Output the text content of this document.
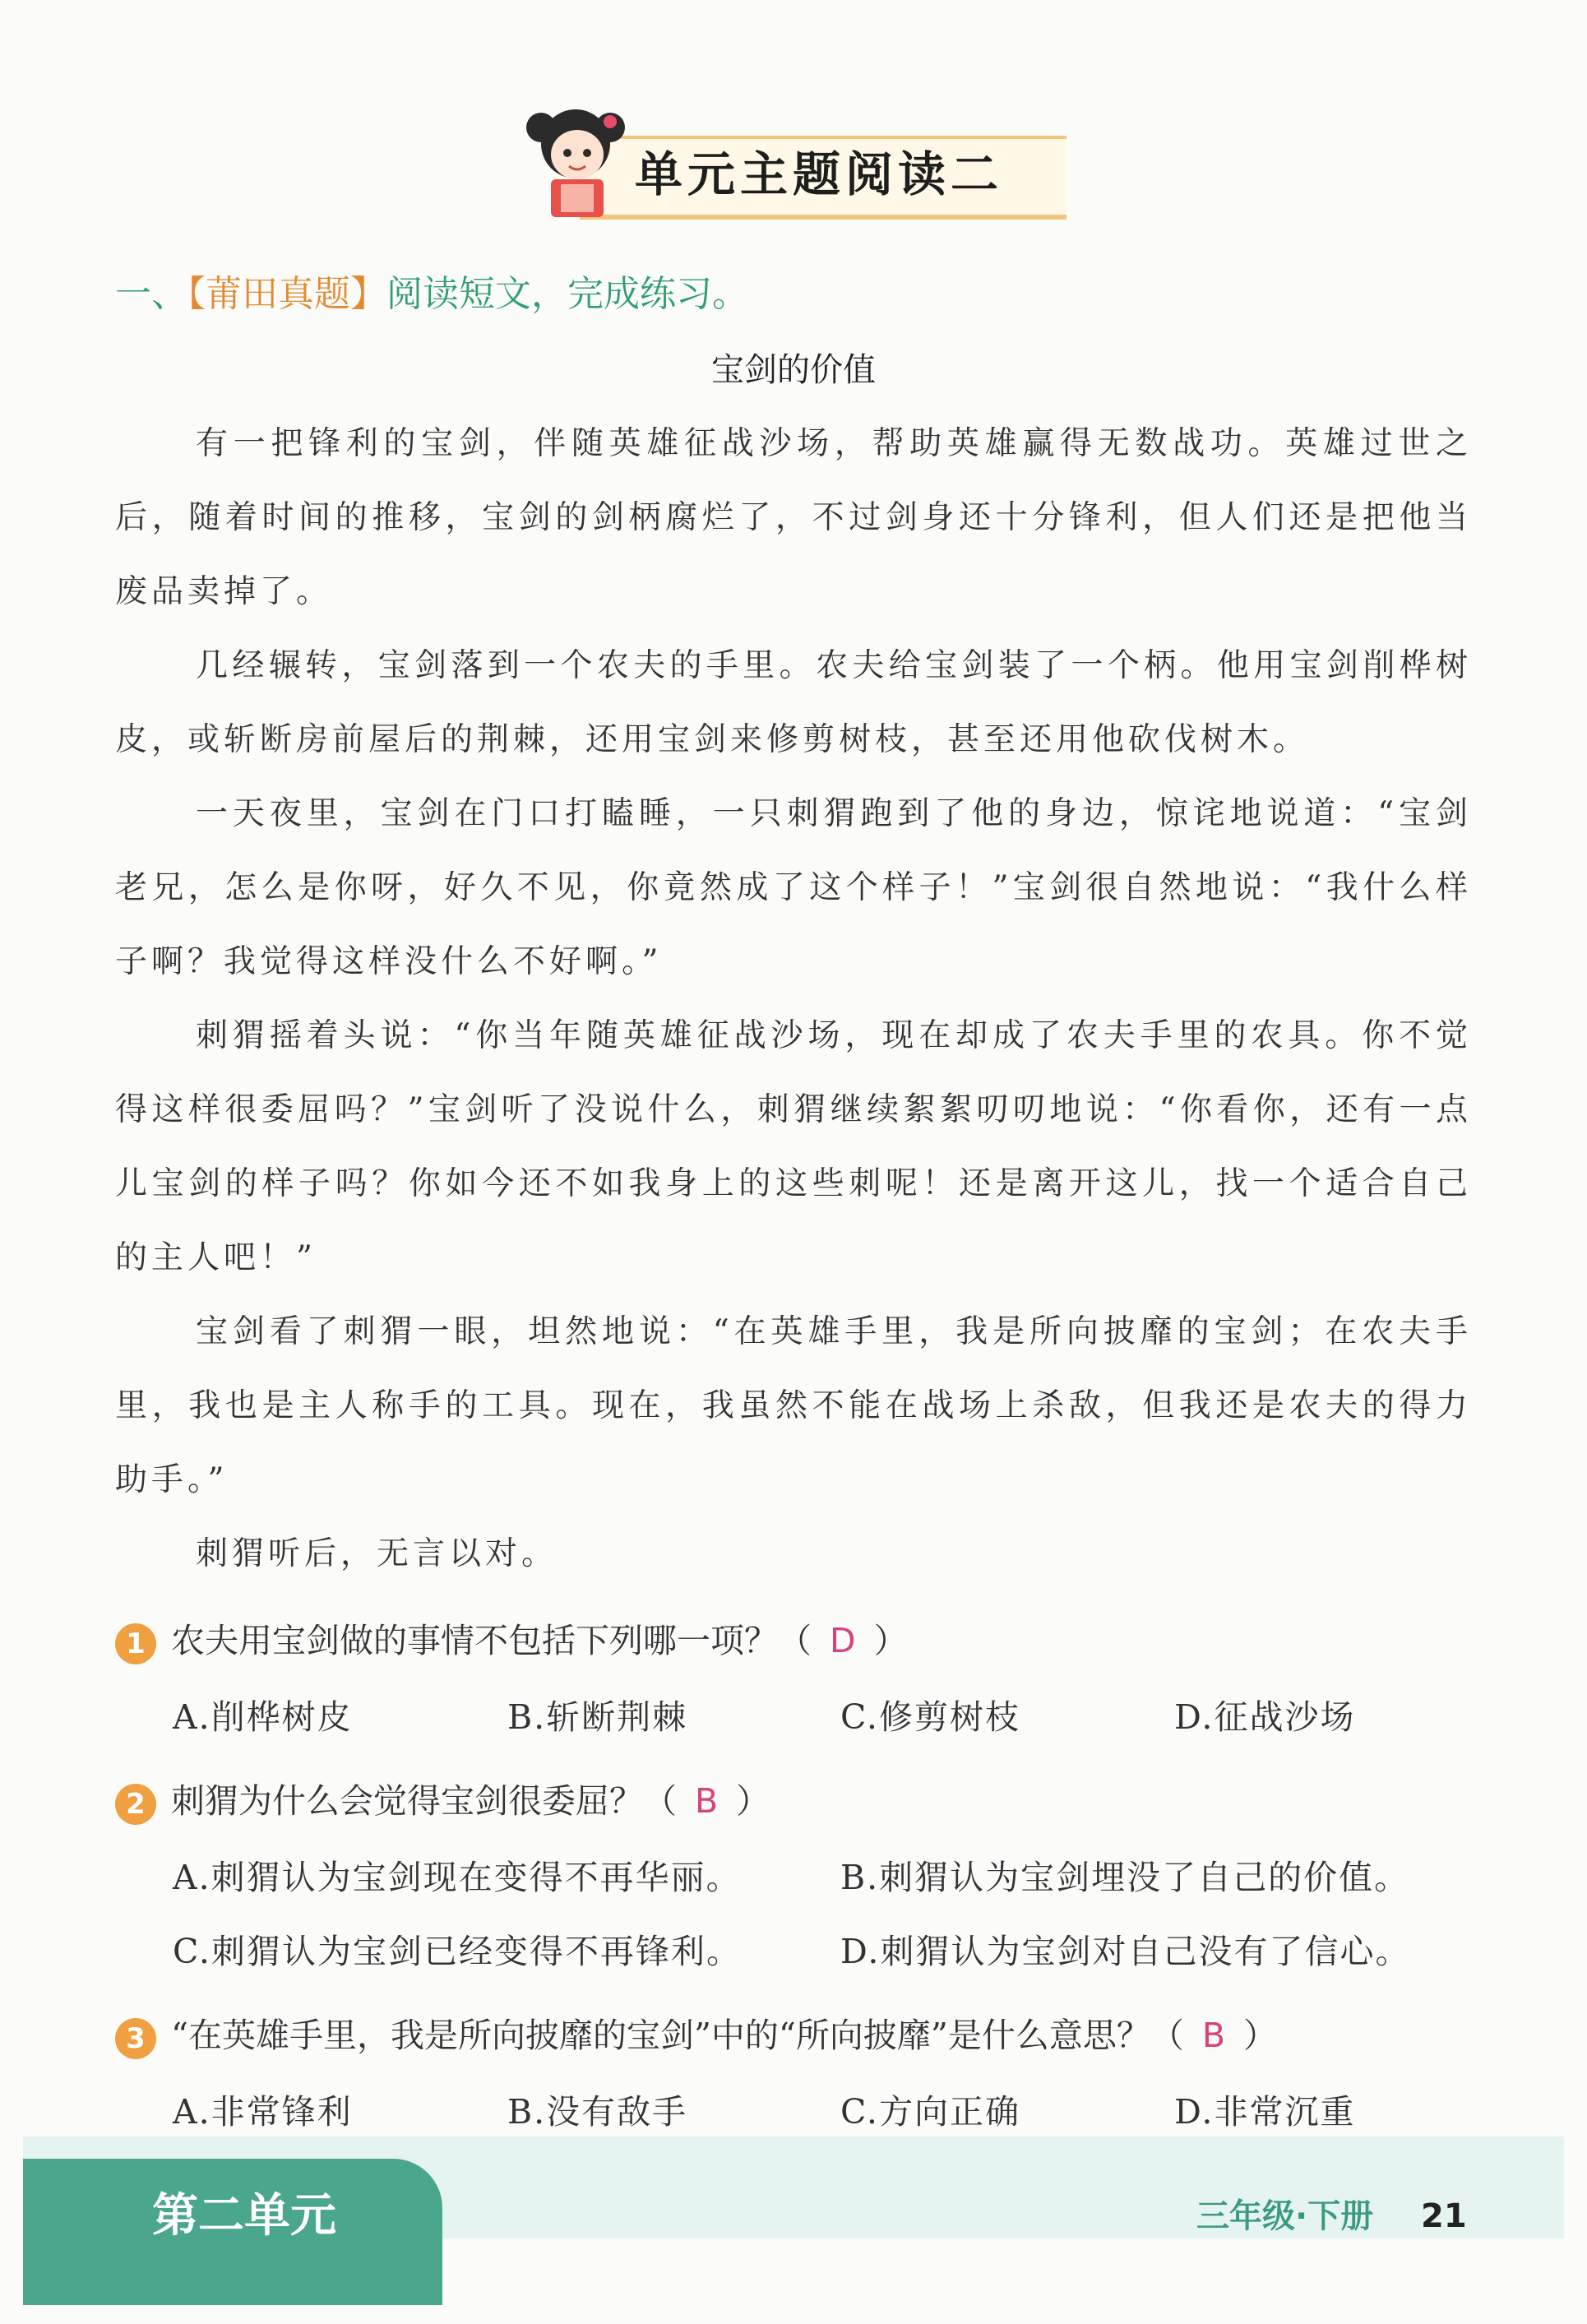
单元主题阅读二
一、【莆田真题】阅读短文，完成练习。
宝剑的价值
有一把锋利的宝剑，伴随英雄征战沙场，帮助英雄赢得无数战功。英雄过世之后，随着时间的推移，宝剑的剑柄腐烂了，不过剑身还十分锋利，但人们还是把他当废品卖掉了。
几经辗转，宝剑落到一个农夫的手里。农夫给宝剑装了一个柄。他用宝剑削桦树皮，或斩断房前屋后的荆棘，还用宝剑来修剪树枝，甚至还用他砍伐树木。
一天夜里，宝剑在门口打瞌睡，一只刺猬跑到了他的身边，惊诧地说道：“宝剑老兄，怎么是你呀，好久不见，你竟然成了这个样子！”宝剑很自然地说：“我什么样子啊？我觉得这样没什么不好啊。”
刺猬摇着头说：“你当年随英雄征战沙场，现在却成了农夫手里的农具。你不觉得这样很委屈吗？”宝剑听了没说什么，刺猬继续絮絮叨叨地说：“你看你，还有一点儿宝剑的样子吗？你如今还不如我身上的这些刺呢！还是离开这儿，找一个适合自己的主人吧！”
宝剑看了刺猬一眼，坦然地说：“在英雄手里，我是所向披靡的宝剑；在农夫手里，我也是主人称手的工具。现在，我虽然不能在战场上杀敌，但我还是农夫的得力助手。”
刺猬听后，无言以对。
1 农夫用宝剑做的事情不包括下列哪一项？（ D ）
A.削桦树皮	B.斩断荆棘	C.修剪树枝	D.征战沙场
2 刺猬为什么会觉得宝剑很委屈？（ B ）
A.刺猬认为宝剑现在变得不再华丽。	B.刺猬认为宝剑埋没了自己的价值。
C.刺猬认为宝剑已经变得不再锋利。	D.刺猬认为宝剑对自己没有了信心。
3 “在英雄手里，我是所向披靡的宝剑”中的“所向披靡”是什么意思？（ B ）
A.非常锋利	B.没有敌手	C.方向正确	D.非常沉重
第二单元	三年级·下册 21
